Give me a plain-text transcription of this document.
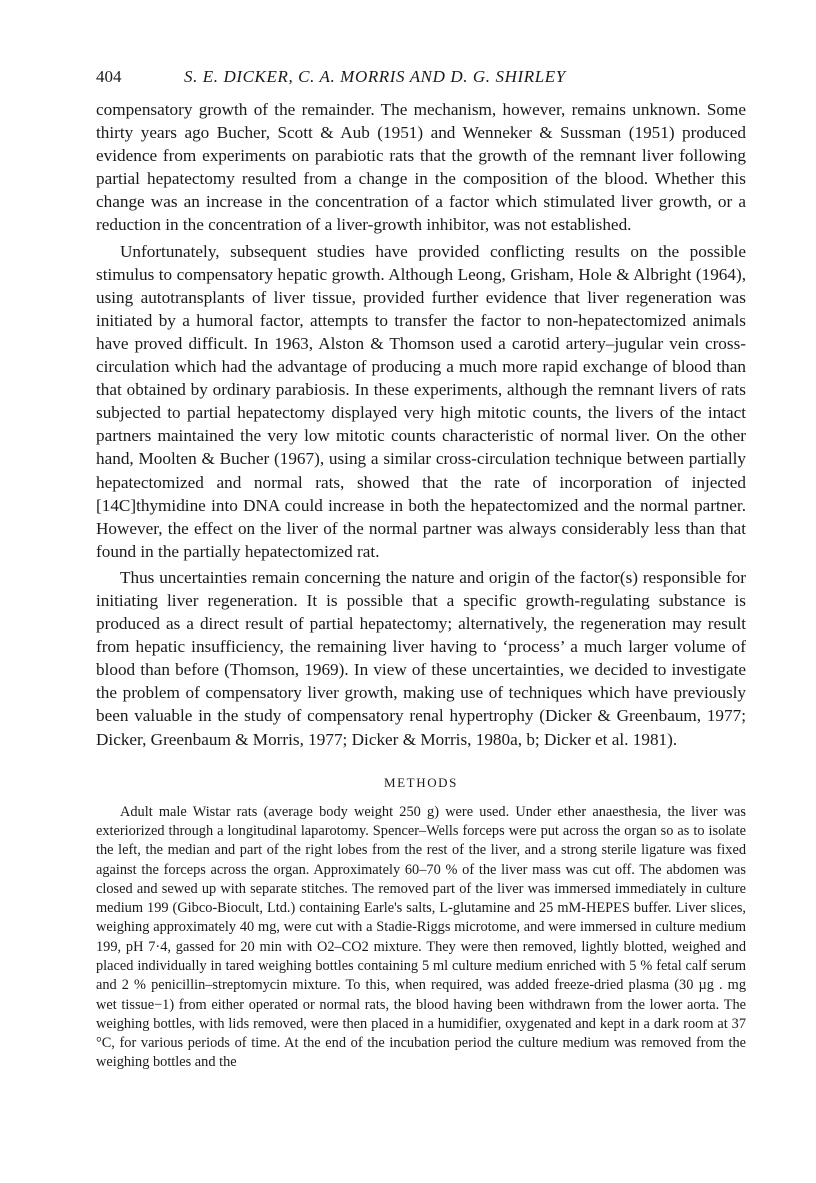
404	S. E. DICKER, C. A. MORRIS AND D. G. SHIRLEY

compensatory growth of the remainder. The mechanism, however, remains unknown. Some thirty years ago Bucher, Scott & Aub (1951) and Wenneker & Sussman (1951) produced evidence from experiments on parabiotic rats that the growth of the remnant liver following partial hepatectomy resulted from a change in the composition of the blood. Whether this change was an increase in the concentration of a factor which stimulated liver growth, or a reduction in the concentration of a liver-growth inhibitor, was not established.

Unfortunately, subsequent studies have provided conflicting results on the possible stimulus to compensatory hepatic growth. Although Leong, Grisham, Hole & Albright (1964), using autotransplants of liver tissue, provided further evidence that liver regeneration was initiated by a humoral factor, attempts to transfer the factor to non-hepatectomized animals have proved difficult. In 1963, Alston & Thomson used a carotid artery–jugular vein cross-circulation which had the advantage of producing a much more rapid exchange of blood than that obtained by ordinary parabiosis. In these experiments, although the remnant livers of rats subjected to partial hepatectomy displayed very high mitotic counts, the livers of the intact partners maintained the very low mitotic counts characteristic of normal liver. On the other hand, Moolten & Bucher (1967), using a similar cross-circulation technique between partially hepatectomized and normal rats, showed that the rate of incorporation of injected [14C]thymidine into DNA could increase in both the hepatectomized and the normal partner. However, the effect on the liver of the normal partner was always considerably less than that found in the partially hepatectomized rat.

Thus uncertainties remain concerning the nature and origin of the factor(s) responsible for initiating liver regeneration. It is possible that a specific growth-regulating substance is produced as a direct result of partial hepatectomy; alternatively, the regeneration may result from hepatic insufficiency, the remaining liver having to ‘process’ a much larger volume of blood than before (Thomson, 1969). In view of these uncertainties, we decided to investigate the problem of compensatory liver growth, making use of techniques which have previously been valuable in the study of compensatory renal hypertrophy (Dicker & Greenbaum, 1977; Dicker, Greenbaum & Morris, 1977; Dicker & Morris, 1980a, b; Dicker et al. 1981).

METHODS

Adult male Wistar rats (average body weight 250 g) were used. Under ether anaesthesia, the liver was exteriorized through a longitudinal laparotomy. Spencer–Wells forceps were put across the organ so as to isolate the left, the median and part of the right lobes from the rest of the liver, and a strong sterile ligature was fixed against the forceps across the organ. Approximately 60–70 % of the liver mass was cut off. The abdomen was closed and sewed up with separate stitches. The removed part of the liver was immersed immediately in culture medium 199 (Gibco-Biocult, Ltd.) containing Earle's salts, L-glutamine and 25 mM-HEPES buffer. Liver slices, weighing approximately 40 mg, were cut with a Stadie-Riggs microtome, and were immersed in culture medium 199, pH 7·4, gassed for 20 min with O2–CO2 mixture. They were then removed, lightly blotted, weighed and placed individually in tared weighing bottles containing 5 ml culture medium enriched with 5 % fetal calf serum and 2 % penicillin–streptomycin mixture. To this, when required, was added freeze-dried plasma (30 µg . mg wet tissue−1) from either operated or normal rats, the blood having been withdrawn from the lower aorta. The weighing bottles, with lids removed, were then placed in a humidifier, oxygenated and kept in a dark room at 37 °C, for various periods of time. At the end of the incubation period the culture medium was removed from the weighing bottles and the
